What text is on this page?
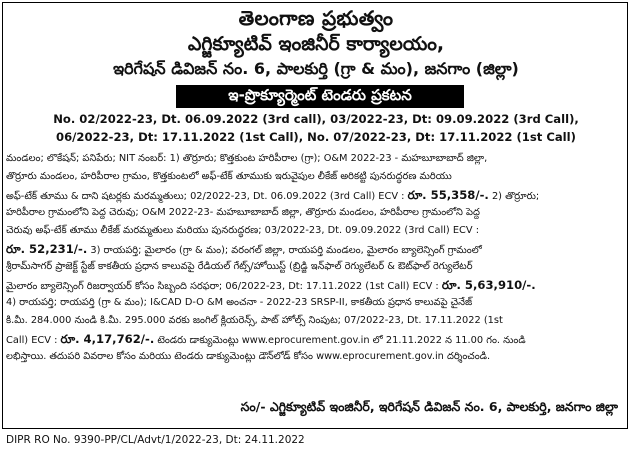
తెలంగాణ ప్రభుత్వం
ఎగ్జిక్యూటివ్ ఇంజినీర్ కార్యాలయం,
ఇరిగేషన్ డివిజన్ నం. 6, పాలకుర్తి (గ్రా & మం), జనగాం (జిల్లా)
ఇ-ప్రొక్యూర్మెంట్ టెండరు ప్రకటన
No. 02/2022-23, Dt. 06.09.2022 (3rd call), 03/2022-23, Dt: 09.09.2022 (3rd Call),
06/2022-23, Dt: 17.11.2022 (1st Call), No. 07/2022-23, Dt: 17.11.2022 (1st Call)
మండలం; లొకేషన్; పనిపేరు; NIT నంబర్: 1) తొర్రూరు; కొత్తకుంట హరిపీరాల (గ్రా); O&M 2022-23 - మహబూబాబాద్ జిల్లా,
తొర్రూరు మండలం, హరిపీరాల గ్రామం, కొత్తకుంటలో అఫ్-టేక్ తూముకు ఇరువైపుల లీకేజ్ అరికట్టి పునరుద్ధరణ మరియు
అఫ్-టేక్ తూము & దాని షటర్లకు మరమ్మతులు; 02/2022-23, Dt. 06.09.2022 (3rd Call) ECV : రూ. 55,358/-. 2) తొర్రూరు;
హరిపీరాల గ్రామంలోని పెద్ద చెరువు; O&M 2022-23- మహబూబాబాద్ జిల్లా, తొర్రూరు మండలం, హరిపీరాల గ్రామంలోని పెద్ద
చెరువు అఫ్-టేక్ తూము లీకేజ్ మరమ్మతులు మరియు పునరుద్ధరణ; 03/2022-23, Dt. 09.09.2022 (3rd Call) ECV :
రూ. 52,231/-. 3) రాయపర్తి; మైలారం (గ్రా & మం); వరంగల్ జిల్లా, రాయపర్తి మండలం, మైలారం బ్యాలెన్సింగ్ గ్రామంలో
శ్రీరామ్‌సాగర్ ప్రాజెక్ట్ స్టేజ్ కాకతీయ ప్రధాన కాలువపై రేడియల్ గేట్స్/హోయిస్ట్ (బ్రిడ్జి ఇన్‌ఫాల్ రెగ్యులేటర్ & ఔట్‌ఫాల్ రెగ్యులేటర్
మైలారం బ్యాలెన్సింగ్ రిజర్వాయర్ కోసం సిబ్బంది సరఫరా; 06/2022-23, Dt: 17.11.2022 (1st Call) ECV : రూ. 5,63,910/-.
4) రాయపర్తి; రాయపర్తి (గ్రా & మం); I&CAD D-O &M అంచనా - 2022-23 SRSP-II, కాకతీయ ప్రధాన కాలువపై చైనేజ్
కి.మీ. 284.000 నుండి కి.మీ. 295.000 వరకు జంగిల్ క్లియరెన్స్, పాట్ హోల్స్ నింపుట; 07/2022-23, Dt. 17.11.2022 (1st
Call) ECV : రూ. 4,17,762/-. టెండరు డాక్యుమెంట్లు www.eprocurement.gov.in లో 21.11.2022 న 11.00 గం. నుండి
లభిస్తాయి. తదుపరి వివరాల కోసం మరియు టెండరు డాక్యుమెంట్లు డౌన్‌లోడ్ కోసం www.eprocurement.gov.in దర్శించండి.
సం/- ఎగ్జిక్యూటివ్ ఇంజినీర్, ఇరిగేషన్ డివిజన్ నం. 6, పాలకుర్తి, జనగాం జిల్లా
DIPR RO No. 9390-PP/CL/Advt/1/2022-23, Dt: 24.11.2022
